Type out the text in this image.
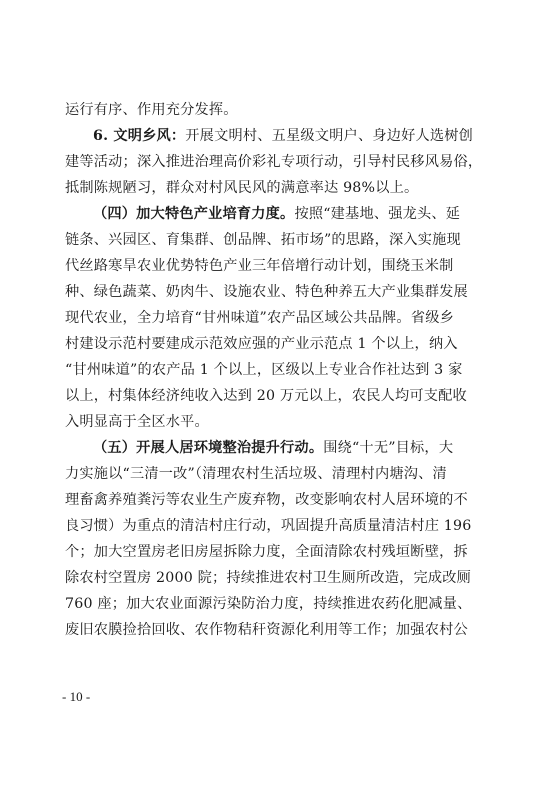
运行有序、作用充分发挥。
6. 文明乡风：开展文明村、五星级文明户、身边好人选树创
建等活动；深入推进治理高价彩礼专项行动，引导村民移风易俗，
抵制陈规陋习，群众对村风民风的满意率达 98%以上。
（四）加大特色产业培育力度。按照“建基地、强龙头、延
链条、兴园区、育集群、创品牌、拓市场”的思路，深入实施现
代丝路寒旱农业优势特色产业三年倍增行动计划，围绕玉米制
种、绿色蔬菜、奶肉牛、设施农业、特色种养五大产业集群发展
现代农业，全力培育“甘州味道”农产品区域公共品牌。省级乡
村建设示范村要建成示范效应强的产业示范点 1 个以上，纳入
“甘州味道”的农产品 1 个以上，区级以上专业合作社达到 3 家
以上，村集体经济纯收入达到 20 万元以上，农民人均可支配收
入明显高于全区水平。
（五）开展人居环境整治提升行动。围绕“十无”目标，大
力实施以“三清一改”（清理农村生活垃圾、清理村内塘沟、清
理畜禽养殖粪污等农业生产废弃物，改变影响农村人居环境的不
良习惯）为重点的清洁村庄行动，巩固提升高质量清洁村庄 196
个；加大空置房老旧房屋拆除力度，全面清除农村残垣断壁，拆
除农村空置房 2000 院；持续推进农村卫生厕所改造，完成改厕
760 座；加大农业面源污染防治力度，持续推进农药化肥减量、
废旧农膜捡拾回收、农作物秸秆资源化利用等工作；加强农村公
- 10 -
